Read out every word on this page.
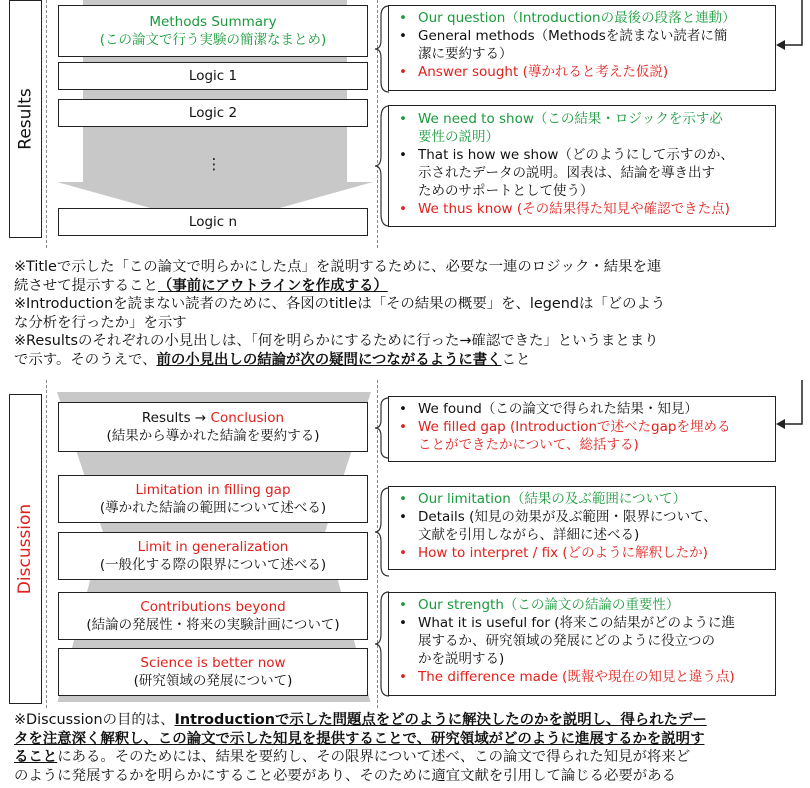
Results
Methods Summary
(この論文で行う実験の簡潔なまとめ)
Logic 1
Logic 2
⋮
Logic n
• Our question（Introductionの最後の段落と連動）
• General methods（Methodsを読まない読者に簡
潔に要約する）
• Answer sought (導かれると考えた仮説)
• We need to show（この結果・ロジックを示す必
要性の説明）
• That is how we show（どのようにして示すのか、
示されたデータの説明。図表は、結論を導き出す
ためのサポートとして使う）
• We thus know (その結果得た知見や確認できた点)
※Titleで示した「この論文で明らかにした点」を説明するために、必要な一連のロジック・結果を連
続させて提示すること（事前にアウトラインを作成する）
※Introductionを読まない読者のために、各図のtitleは「その結果の概要」を、legendは「どのよう
な分析を行ったか」を示す
※Resultsのそれぞれの小見出しは、「何を明らかにするために行った→確認できた」というまとまり
で示す。そのうえで、前の小見出しの結論が次の疑問につながるように書くこと
Discussion
Results → Conclusion
(結果から導かれた結論を要約する)
Limitation in filling gap
(導かれた結論の範囲について述べる)
Limit in generalization
(一般化する際の限界について述べる)
Contributions beyond
(結論の発展性・将来の実験計画について)
Science is better now
(研究領域の発展について)
• We found（この論文で得られた結果・知見）
• We filled gap (Introductionで述べたgapを埋める
ことができたかについて、総括する)
• Our limitation（結果の及ぶ範囲について）
• Details (知見の効果が及ぶ範囲・限界について、
文献を引用しながら、詳細に述べる)
• How to interpret / fix (どのように解釈したか)
• Our strength（この論文の結論の重要性）
• What it is useful for (将来この結果がどのように進
展するか、研究領域の発展にどのように役立つの
かを説明する)
• The difference made (既報や現在の知見と違う点)
※Discussionの目的は、Introductionで示した問題点をどのように解決したのかを説明し、得られたデー
タを注意深く解釈し、この論文で示した知見を提供することで、研究領域がどのように進展するかを説明す
ることにある。そのためには、結果を要約し、その限界について述べ、この論文で得られた知見が将来ど
のように発展するかを明らかにすること必要があり、そのために適宜文献を引用して論じる必要がある
